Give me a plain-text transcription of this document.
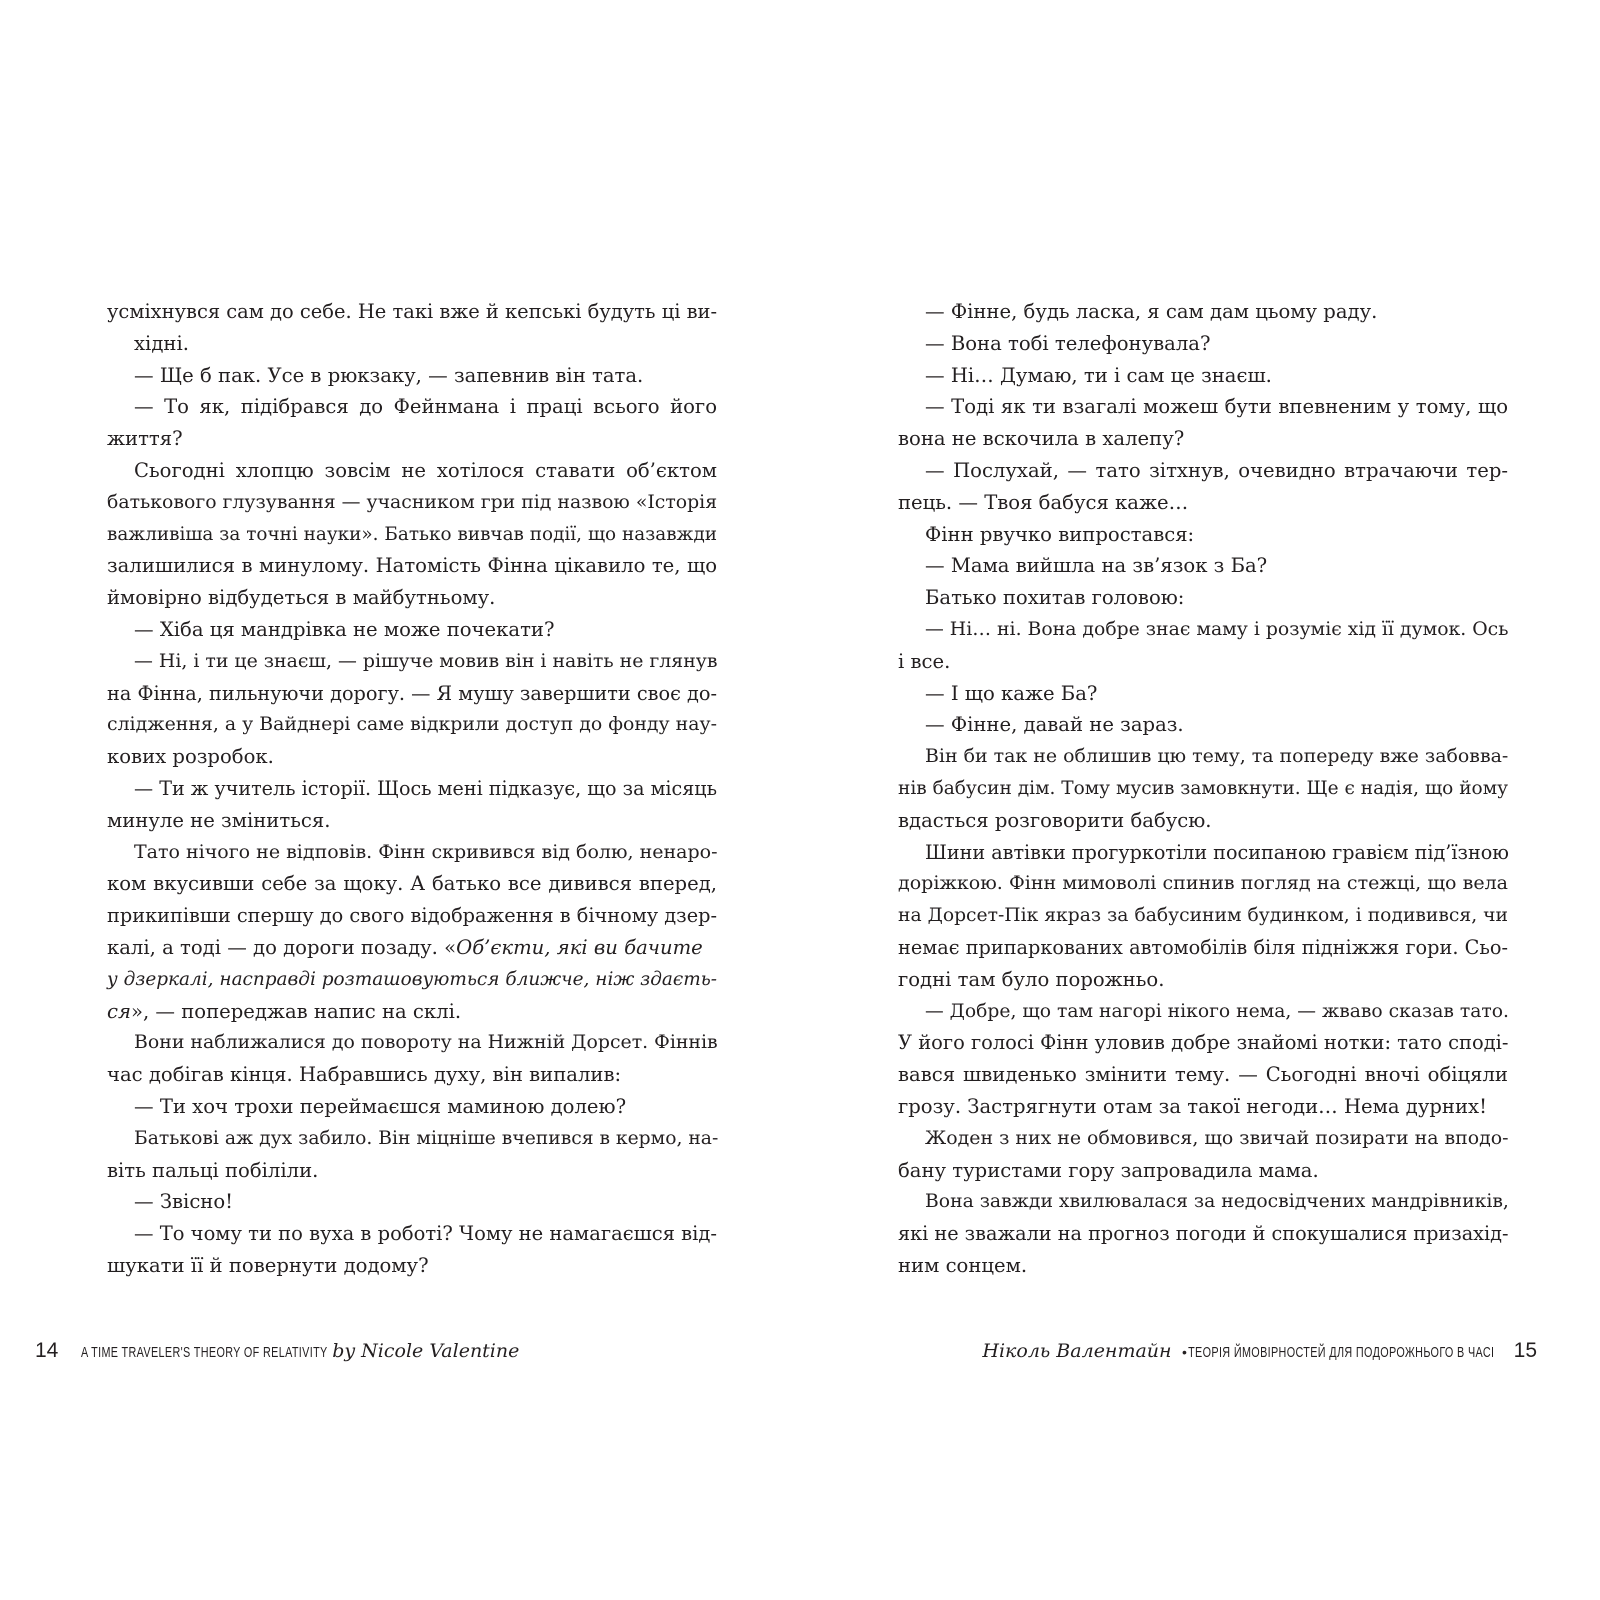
усміхнувся сам до себе. Не такі вже й кепські будуть ці ви-
хідні.
— Ще б пак. Усе в рюкзаку, — запевнив він тата.
— То як, підібрався до Фейнмана і праці всього його
життя?
Сьогодні хлопцю зовсім не хотілося ставати об’єктом
батькового глузування — учасником гри під назвою «Історія
важливіша за точні науки». Батько вивчав події, що назавжди
залишилися в минулому. Натомість Фінна цікавило те, що
ймовірно відбудеться в майбутньому.
— Хіба ця мандрівка не може почекати?
— Ні, і ти це знаєш, — рішуче мовив він і навіть не глянув
на Фінна, пильнуючи дорогу. — Я мушу завершити своє до-
слідження, а у Вайднері саме відкрили доступ до фонду нау-
кових розробок.
— Ти ж учитель історії. Щось мені підказує, що за місяць
минуле не зміниться.
Тато нічого не відповів. Фінн скривився від болю, ненаро-
ком вкусивши себе за щоку. А батько все дивився вперед,
прикипівши спершу до свого відображення в бічному дзер-
калі, а тоді — до дороги позаду. «Об’єкти, які ви бачите
у дзеркалі, насправді розташовуються ближче, ніж здаєть-
ся», — попереджав напис на склі.
Вони наближалися до повороту на Нижній Дорсет. Фіннів
час добігав кінця. Набравшись духу, він випалив:
— Ти хоч трохи переймаєшся маминою долею?
Батькові аж дух забило. Він міцніше вчепився в кермо, на-
віть пальці побіліли.
— Звісно!
— То чому ти по вуха в роботі? Чому не намагаєшся від-
шукати її й повернути додому?
— Фінне, будь ласка, я сам дам цьому раду.
— Вона тобі телефонувала?
— Ні… Думаю, ти і сам це знаєш.
— Тоді як ти взагалі можеш бути впевненим у тому, що
вона не вскочила в халепу?
— Послухай, — тато зітхнув, очевидно втрачаючи тер-
пець. — Твоя бабуся каже…
Фінн рвучко випростався:
— Мама вийшла на зв’язок з Ба?
Батько похитав головою:
— Ні… ні. Вона добре знає маму і розуміє хід її думок. Ось
і все.
— І що каже Ба?
— Фінне, давай не зараз.
Він би так не облишив цю тему, та попереду вже забовва-
нів бабусин дім. Тому мусив замовкнути. Ще є надія, що йому
вдасться розговорити бабусю.
Шини автівки прогуркотіли посипаною гравієм під’їзною
доріжкою. Фінн мимоволі спинив погляд на стежці, що вела
на Дорсет-Пік якраз за бабусиним будинком, і подивився, чи
немає припаркованих автомобілів біля підніжжя гори. Сьо-
годні там було порожньо.
— Добре, що там нагорі нікого нема, — жваво сказав тато.
У його голосі Фінн уловив добре знайомі нотки: тато споді-
вався швиденько змінити тему. — Сьогодні вночі обіцяли
грозу. Застрягнути отам за такої негоди… Нема дурних!
Жоден з них не обмовився, що звичай позирати на вподо-
бану туристами гору запровадила мама.
Вона завжди хвилювалася за недосвідчених мандрівників,
які не зважали на прогноз погоди й спокушалися призахід-
ним сонцем.
14 A TIME TRAVELER'S THEORY OF RELATIVITY by Nicole Valentine	Ніколь Валентайн • ТЕОРІЯ ЙМОВІРНОСТЕЙ ДЛЯ ПОДОРОЖНЬОГО В ЧАСІ 15
